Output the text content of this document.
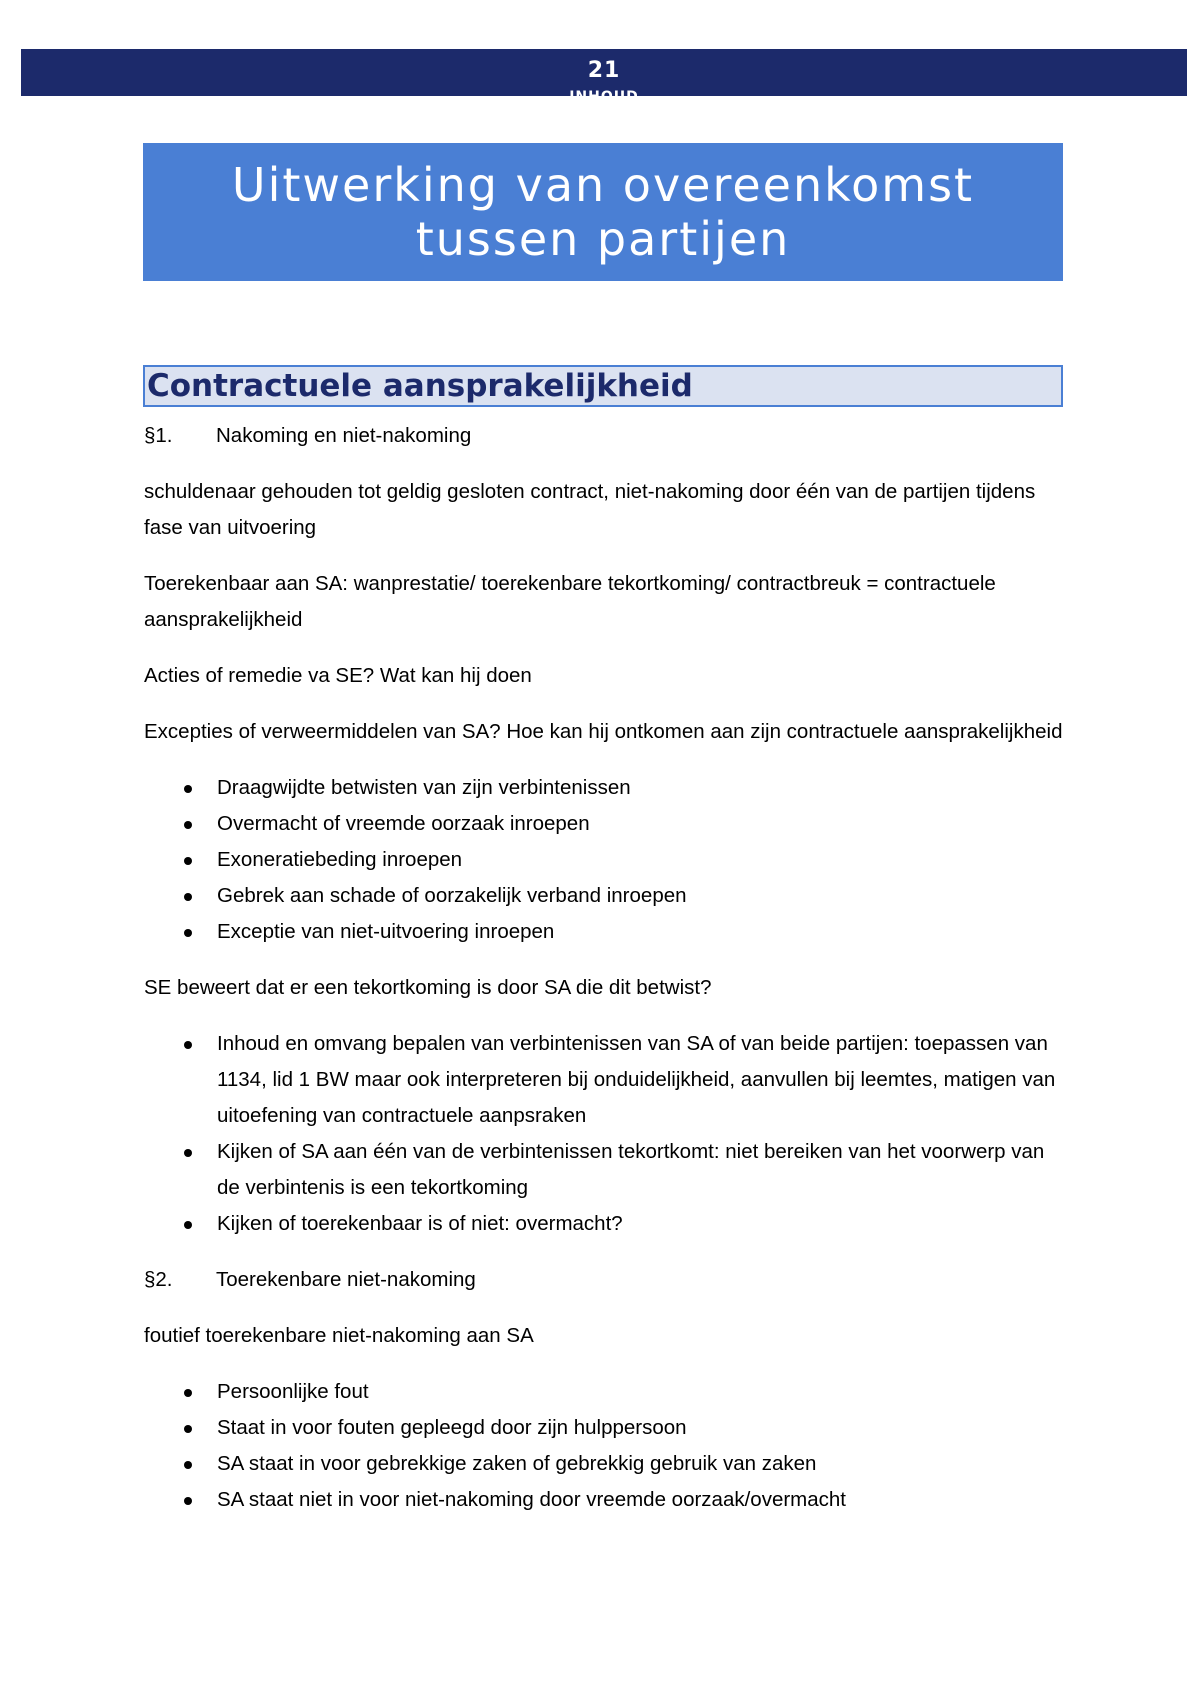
21
INHOUD
Uitwerking van overeenkomst
tussen partijen
Contractuele aansprakelijkheid
§1.	Nakoming en niet-nakoming

schuldenaar gehouden tot geldig gesloten contract, niet-nakoming door één van de partijen tijdens fase van uitvoering

Toerekenbaar aan SA: wanprestatie/ toerekenbare tekortkoming/ contractbreuk = contractuele aansprakelijkheid

Acties of remedie va SE? Wat kan hij doen

Excepties of verweermiddelen van SA? Hoe kan hij ontkomen aan zijn contractuele aansprakelijkheid

Draagwijdte betwisten van zijn verbintenissen
Overmacht of vreemde oorzaak inroepen
Exoneratiebeding inroepen
Gebrek aan schade of oorzakelijk verband inroepen
Exceptie van niet-uitvoering inroepen

SE beweert dat er een tekortkoming is door SA die dit betwist?

Inhoud en omvang bepalen van verbintenissen van SA of van beide partijen: toepassen van 1134, lid 1 BW maar ook interpreteren bij onduidelijkheid, aanvullen bij leemtes, matigen van uitoefening van contractuele aanpsraken
Kijken of SA aan één van de verbintenissen tekortkomt: niet bereiken van het voorwerp van de verbintenis is een tekortkoming
Kijken of toerekenbaar is of niet: overmacht?
§2.	Toerekenbare niet-nakoming

foutief toerekenbare niet-nakoming aan SA

Persoonlijke fout
Staat in voor fouten gepleegd door zijn hulppersoon
SA staat in voor gebrekkige zaken of gebrekkig gebruik van zaken
SA staat niet in voor niet-nakoming door vreemde oorzaak/overmacht
